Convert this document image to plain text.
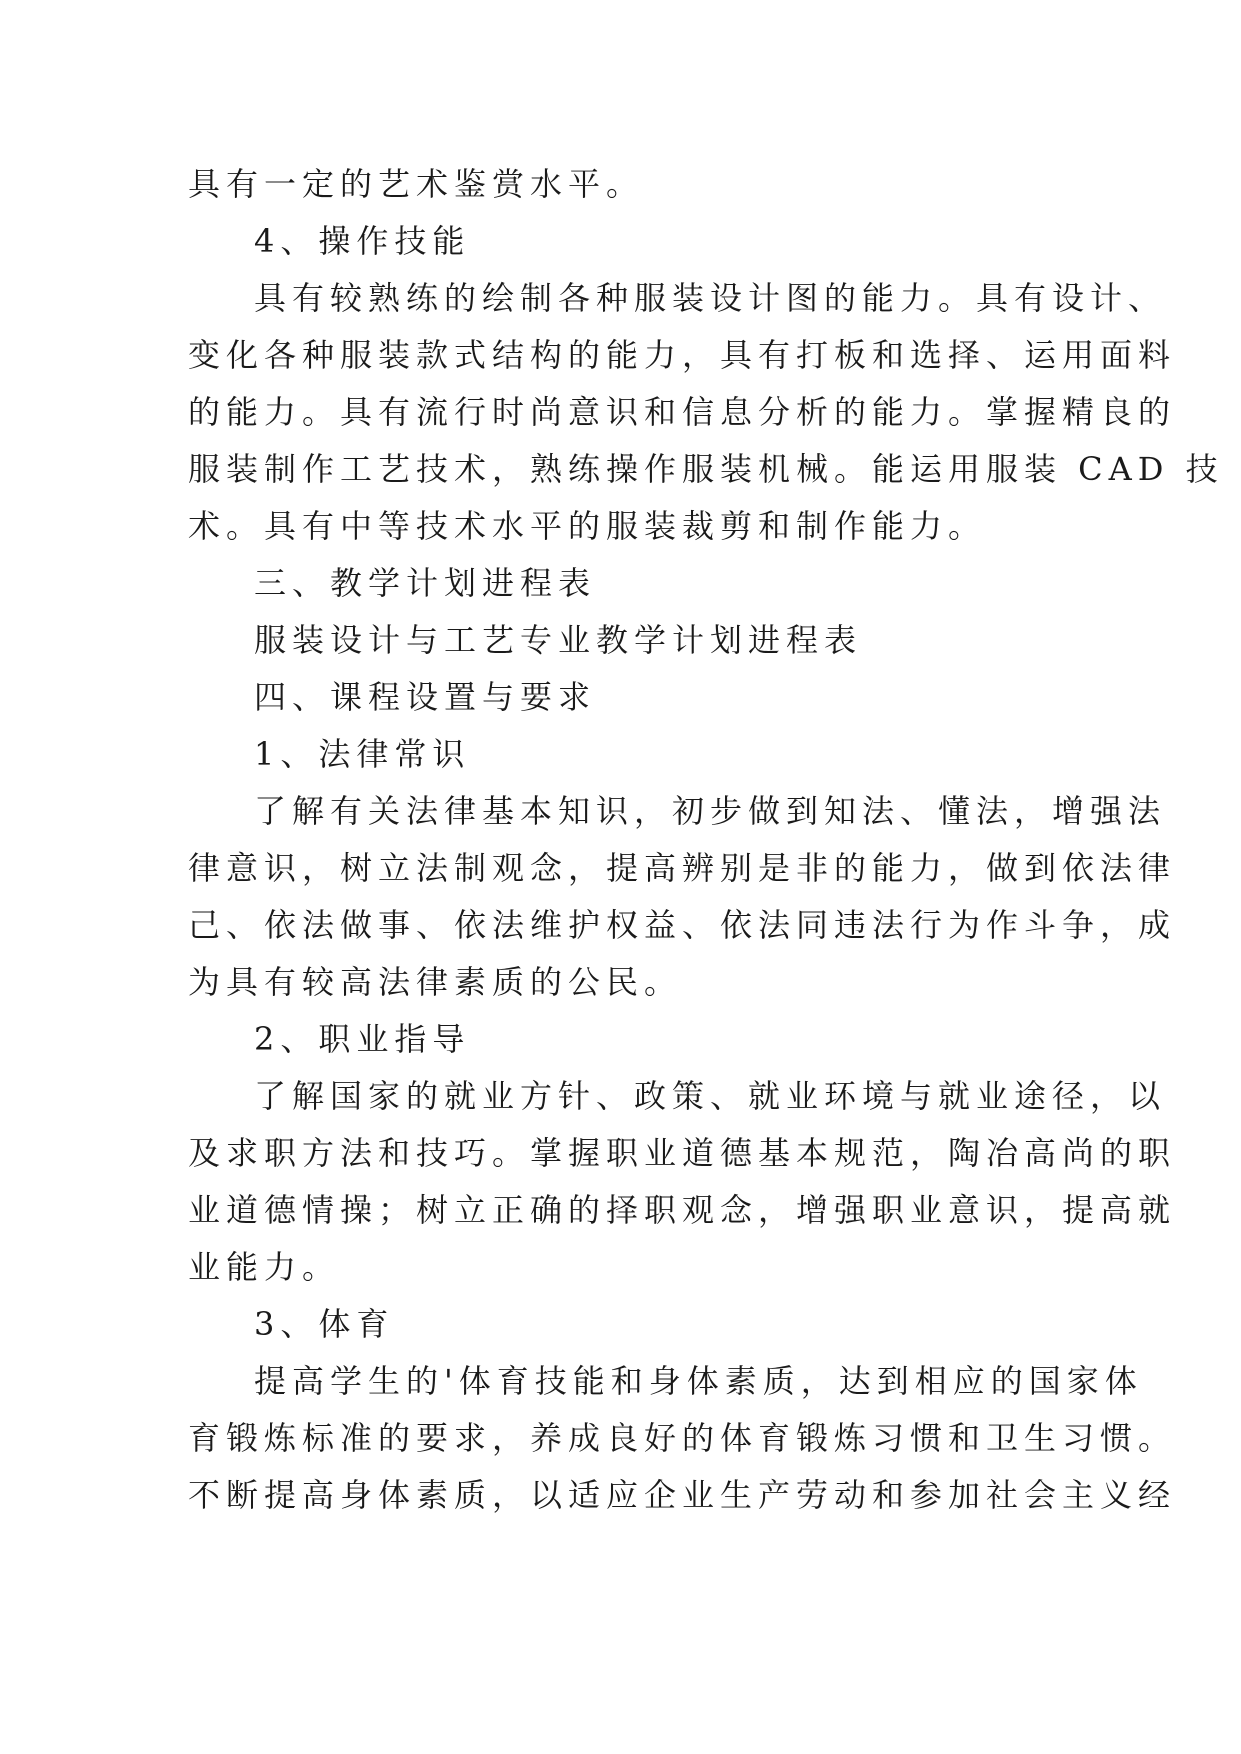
具有一定的艺术鉴赏水平。
4、操作技能
具有较熟练的绘制各种服装设计图的能力。具有设计、
变化各种服装款式结构的能力，具有打板和选择、运用面料
的能力。具有流行时尚意识和信息分析的能力。掌握精良的
服装制作工艺技术，熟练操作服装机械。能运用服装 CAD 技
术。具有中等技术水平的服装裁剪和制作能力。
三、教学计划进程表
服装设计与工艺专业教学计划进程表
四、课程设置与要求
1、法律常识
了解有关法律基本知识，初步做到知法、懂法，增强法
律意识，树立法制观念，提高辨别是非的能力，做到依法律
己、依法做事、依法维护权益、依法同违法行为作斗争，成
为具有较高法律素质的公民。
2、职业指导
了解国家的就业方针、政策、就业环境与就业途径，以
及求职方法和技巧。掌握职业道德基本规范，陶冶高尚的职
业道德情操；树立正确的择职观念，增强职业意识，提高就
业能力。
3、体育
提高学生的'体育技能和身体素质，达到相应的国家体
育锻炼标准的要求，养成良好的体育锻炼习惯和卫生习惯。
不断提高身体素质，以适应企业生产劳动和参加社会主义经
